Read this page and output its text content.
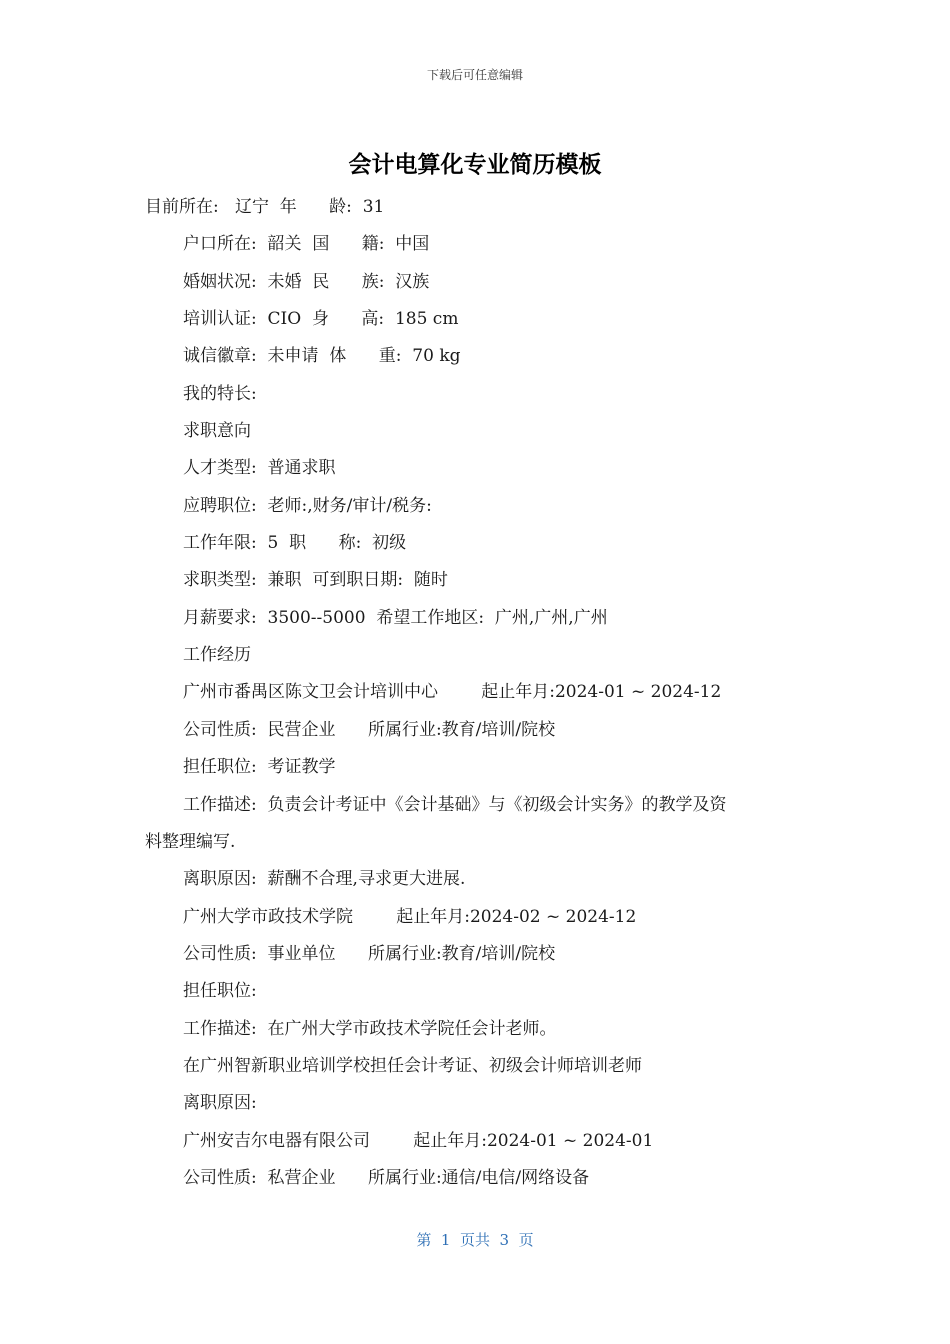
下载后可任意编辑
会计电算化专业简历模板
目前所在:   辽宁  年      龄:  31
户口所在:  韶关  国      籍:  中国
婚姻状况:  未婚  民      族:  汉族
培训认证:  CIO  身      高:  185 cm
诚信徽章:  未申请  体      重:  70 kg
我的特长:
求职意向
人才类型:  普通求职
应聘职位:  老师:,财务/审计/税务:
工作年限:  5  职      称:  初级
求职类型:  兼职  可到职日期:  随时
月薪要求:  3500--5000  希望工作地区:  广州,广州,广州
工作经历
广州市番禺区陈文卫会计培训中心        起止年月:2024-01 ~ 2024-12
公司性质:  民营企业      所属行业:教育/培训/院校
担任职位:  考证教学
工作描述:  负责会计考证中《会计基础》与《初级会计实务》的教学及资
料整理编写.
离职原因:  薪酬不合理,寻求更大进展.
广州大学市政技术学院        起止年月:2024-02 ~ 2024-12
公司性质:  事业单位      所属行业:教育/培训/院校
担任职位:
工作描述:  在广州大学市政技术学院任会计老师。
在广州智新职业培训学校担任会计考证、初级会计师培训老师
离职原因:
广州安吉尔电器有限公司        起止年月:2024-01 ~ 2024-01
公司性质:  私营企业      所属行业:通信/电信/网络设备
第  1  页共  3  页
